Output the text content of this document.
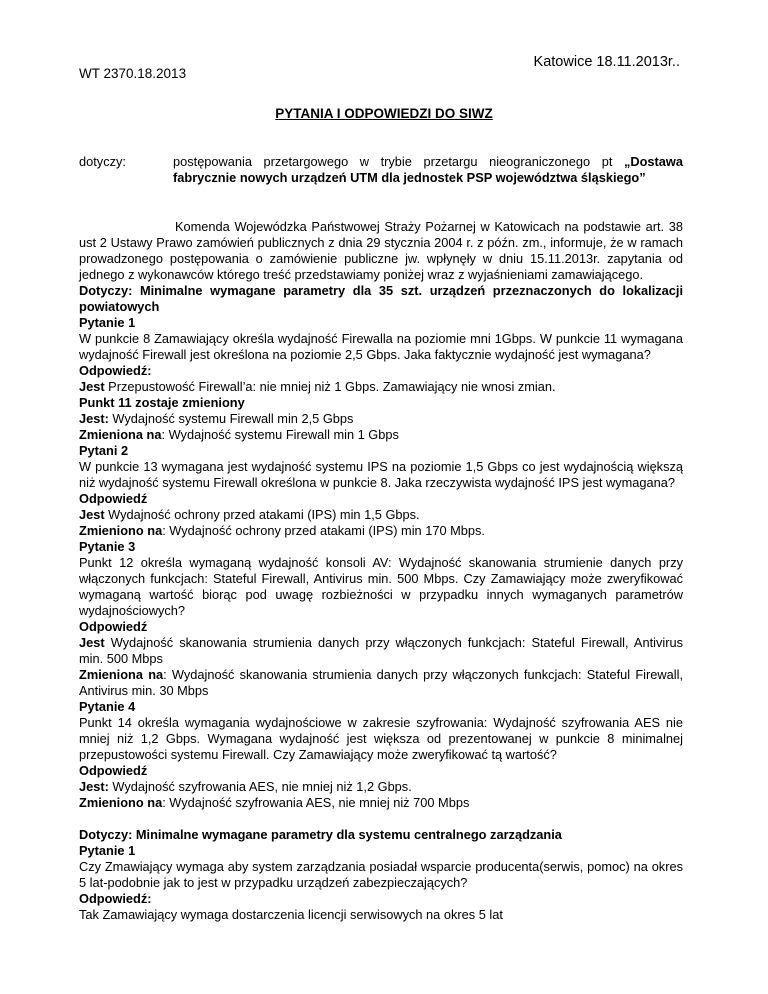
Katowice 18.11.2013r..
WT 2370.18.2013
PYTANIA I ODPOWIEDZI DO SIWZ
dotyczy:	postępowania przetargowego w trybie przetargu nieograniczonego pt „Dostawa fabrycznie nowych urządzeń UTM dla jednostek PSP województwa śląskiego”

Komenda Wojewódzka Państwowej Straży Pożarnej w Katowicach na podstawie art. 38 ust 2 Ustawy Prawo zamówień publicznych z dnia 29 stycznia 2004 r. z późn. zm., informuje, że w ramach prowadzonego postępowania o zamówienie publiczne jw. wpłynęły w dniu 15.11.2013r. zapytania od jednego z wykonawców którego treść przedstawiamy poniżej wraz z wyjaśnieniami zamawiającego.

Dotyczy: Minimalne wymagane parametry dla 35 szt. urządzeń przeznaczonych do lokalizacji powiatowych

Pytanie 1

W punkcie 8 Zamawiający określa wydajność Firewalla na poziomie mni 1Gbps. W punkcie 11 wymagana wydajność Firewall jest określona na poziomie 2,5 Gbps. Jaka faktycznie wydajność jest wymagana?

Odpowiedź:

Jest Przepustowość Firewall’a: nie mniej niż 1 Gbps. Zamawiający nie wnosi zmian.

Punkt 11 zostaje zmieniony

Jest: Wydajność systemu Firewall min 2,5 Gbps

Zmieniona na: Wydajność systemu Firewall min 1 Gbps

Pytani 2

W punkcie 13 wymagana jest wydajność systemu IPS na poziomie 1,5 Gbps co jest wydajnością większą niż wydajność systemu Firewall określona w punkcie 8. Jaka rzeczywista wydajność IPS jest wymagana?

Odpowiedź

Jest Wydajność ochrony przed atakami (IPS) min 1,5 Gbps.

Zmieniono na: Wydajność ochrony przed atakami (IPS) min 170 Mbps.

Pytanie 3

Punkt 12 określa wymaganą wydajność konsoli AV: Wydajność skanowania strumienie danych przy włączonych funkcjach: Stateful Firewall, Antivirus min. 500 Mbps. Czy Zamawiający może zweryfikować wymaganą wartość biorąc pod uwagę rozbieżności w przypadku innych wymaganych parametrów wydajnościowych?

Odpowiedź

Jest Wydajność skanowania strumienia danych przy włączonych funkcjach: Stateful Firewall, Antivirus min. 500 Mbps

Zmieniona na: Wydajność skanowania strumienia danych przy włączonych funkcjach: Stateful Firewall, Antivirus min. 30 Mbps

Pytanie 4

Punkt 14 określa wymagania wydajnościowe w zakresie szyfrowania: Wydajność szyfrowania AES nie mniej niż 1,2 Gbps. Wymagana wydajność jest większa od prezentowanej w punkcie 8 minimalnej przepustowości systemu Firewall. Czy Zamawiający może zweryfikować tą wartość?

Odpowiedź

Jest: Wydajność szyfrowania AES, nie mniej niż 1,2 Gbps.

Zmieniono na: Wydajność szyfrowania AES, nie mniej niż 700 Mbps

Dotyczy: Minimalne wymagane parametry dla systemu centralnego zarządzania

Pytanie 1

Czy Zmawiający wymaga aby system zarządzania posiadał wsparcie producenta(serwis, pomoc) na okres 5 lat-podobnie jak to jest w przypadku urządzeń zabezpieczających?

Odpowiedź:

Tak Zamawiający wymaga dostarczenia licencji serwisowych na okres 5 lat
